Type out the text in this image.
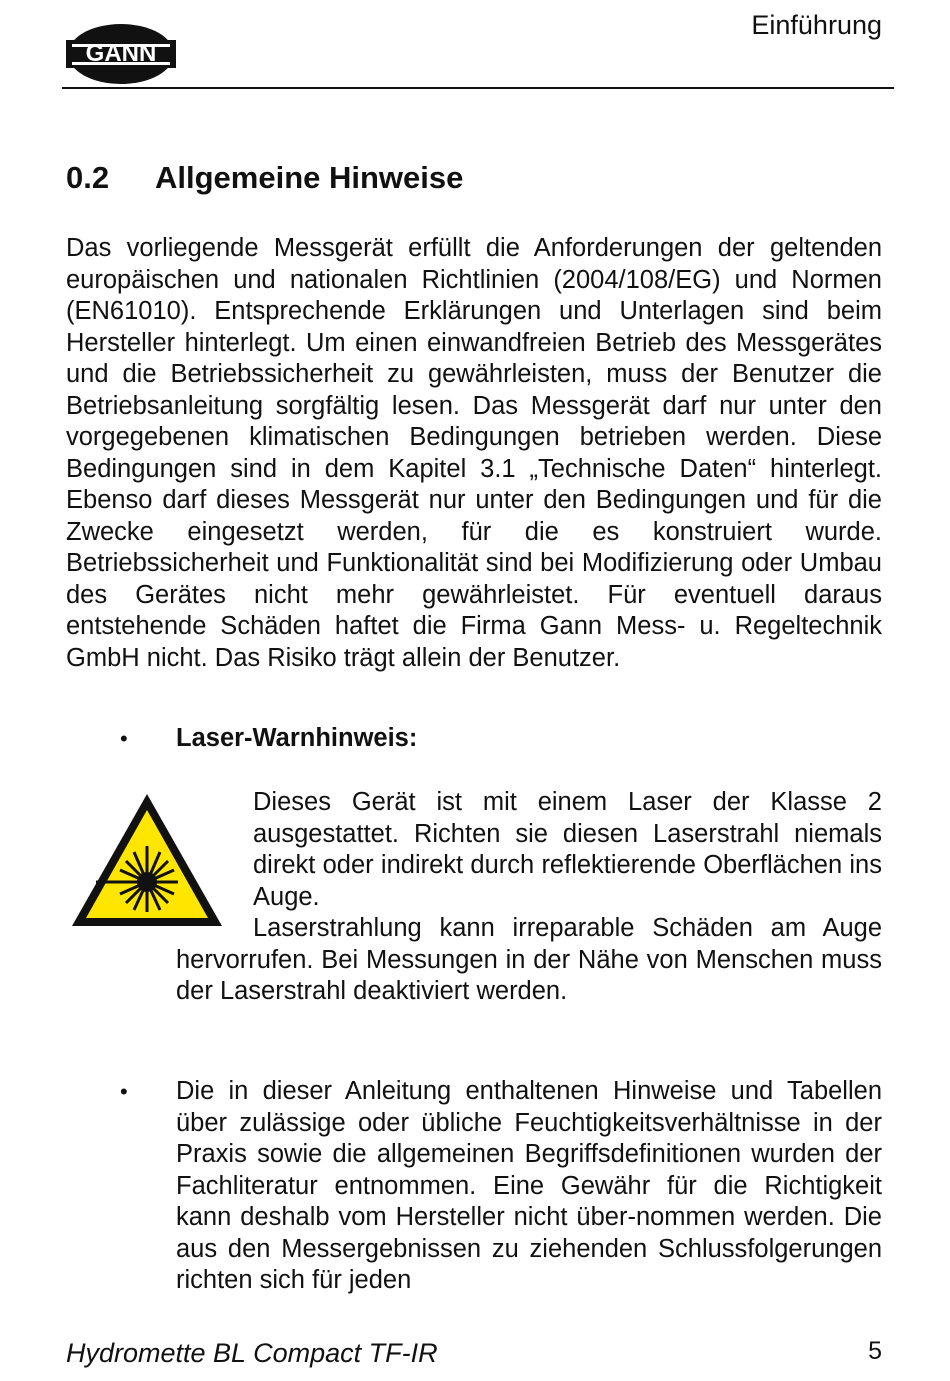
GANN
Einführung
0.2 Allgemeine Hinweise

Das vorliegende Messgerät erfüllt die Anforderungen der geltenden europäischen und nationalen Richtlinien (2004/108/EG) und Normen (EN61010). Entsprechende Erklärungen und Unterlagen sind beim Hersteller hinterlegt. Um einen einwandfreien Betrieb des Messgerätes und die Betriebssicherheit zu gewährleisten, muss der Benutzer die Betriebsanleitung sorgfältig lesen. Das Messgerät darf nur unter den vorgegebenen klimatischen Bedingungen betrieben werden. Diese Bedingungen sind in dem Kapitel 3.1 „Technische Daten“ hinterlegt. Ebenso darf dieses Messgerät nur unter den Bedingungen und für die Zwecke eingesetzt werden, für die es konstruiert wurde. Betriebssicherheit und Funktionalität sind bei Modifizierung oder Umbau des Gerätes nicht mehr gewährleistet. Für eventuell daraus entstehende Schäden haftet die Firma Gann Mess- u. Regeltechnik GmbH nicht. Das Risiko trägt allein der Benutzer.

• Laser-Warnhinweis:

Dieses Gerät ist mit einem Laser der Klasse 2 ausgestattet. Richten sie diesen Laserstrahl niemals direkt oder indirekt durch reflektierende Oberflächen ins Auge.

Laserstrahlung kann irreparable Schäden am Auge hervorrufen. Bei Messungen in der Nähe von Menschen muss der Laserstrahl deaktiviert werden.

• Die in dieser Anleitung enthaltenen Hinweise und Tabellen über zulässige oder übliche Feuchtigkeitsverhältnisse in der Praxis sowie die allgemeinen Begriffsdefinitionen wurden der Fachliteratur entnommen. Eine Gewähr für die Richtigkeit kann deshalb vom Hersteller nicht über-nommen werden. Die aus den Messergebnissen zu ziehenden Schlussfolgerungen richten sich für jeden

Hydromette BL Compact TF-IR	5
